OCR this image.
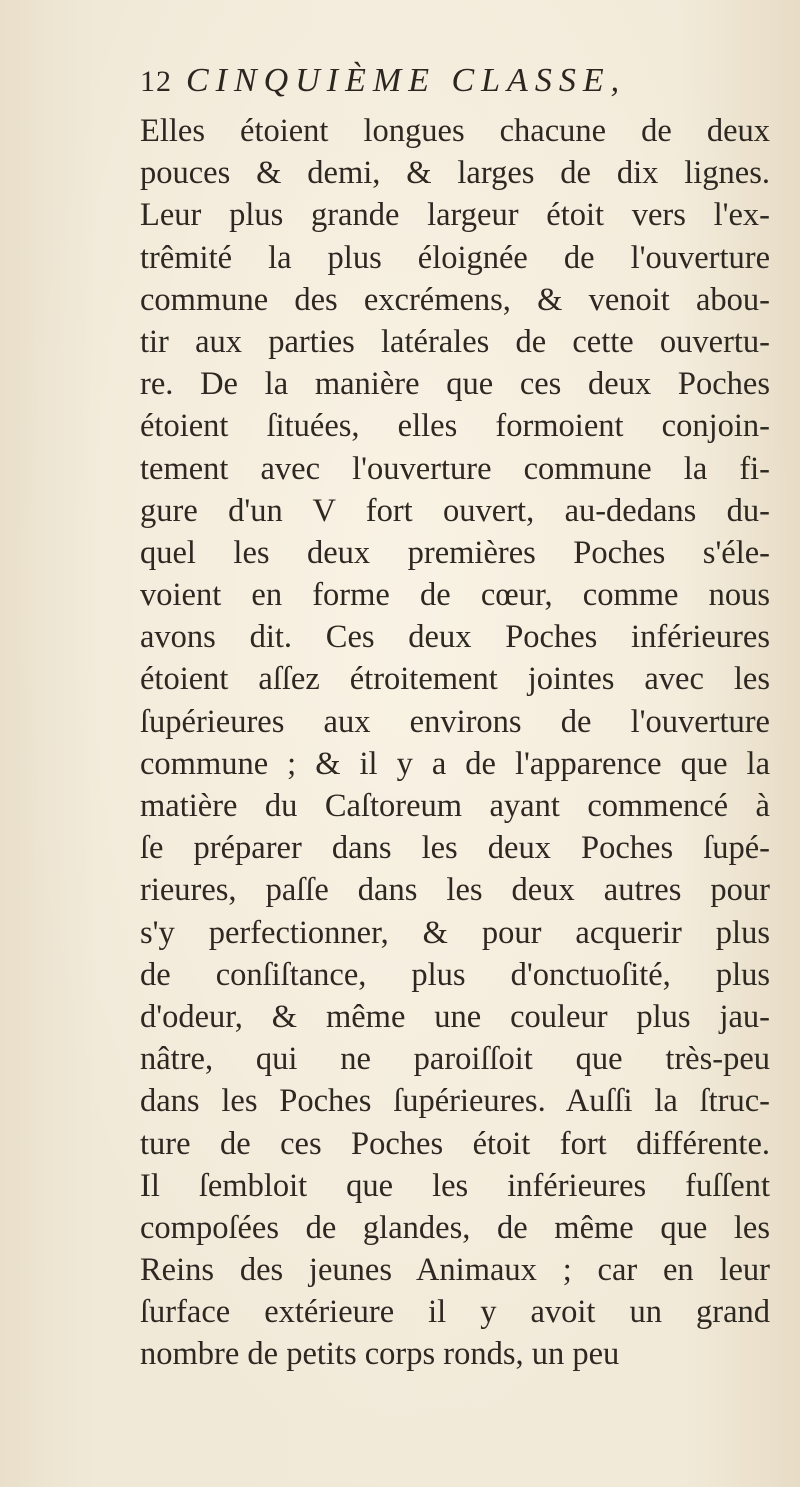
12 CINQUIÈME CLASSE,
Elles étoient longues chacune de deux
pouces & demi, & larges de dix lignes.
Leur plus grande largeur étoit vers l'ex-
trêmité la plus éloignée de l'ouverture
commune des excrémens, & venoit abou-
tir aux parties latérales de cette ouvertu-
re. De la manière que ces deux Poches
étoient ſituées, elles formoient conjoin-
tement avec l'ouverture commune la fi-
gure d'un V fort ouvert, au-dedans du-
quel les deux premières Poches s'éle-
voient en forme de cœur, comme nous
avons dit. Ces deux Poches inférieures
étoient aſſez étroitement jointes avec les
ſupérieures aux environs de l'ouverture
commune ; & il y a de l'apparence que la
matière du Caſtoreum ayant commencé à
ſe préparer dans les deux Poches ſupé-
rieures, paſſe dans les deux autres pour
s'y perfectionner, & pour acquerir plus
de conſiſtance, plus d'onctuoſité, plus
d'odeur, & même une couleur plus jau-
nâtre, qui ne paroiſſoit que très-peu
dans les Poches ſupérieures. Auſſi la ſtruc-
ture de ces Poches étoit fort différente.
Il ſembloit que les inférieures fuſſent
compoſées de glandes, de même que les
Reins des jeunes Animaux ; car en leur
ſurface extérieure il y avoit un grand
nombre de petits corps ronds, un peu
